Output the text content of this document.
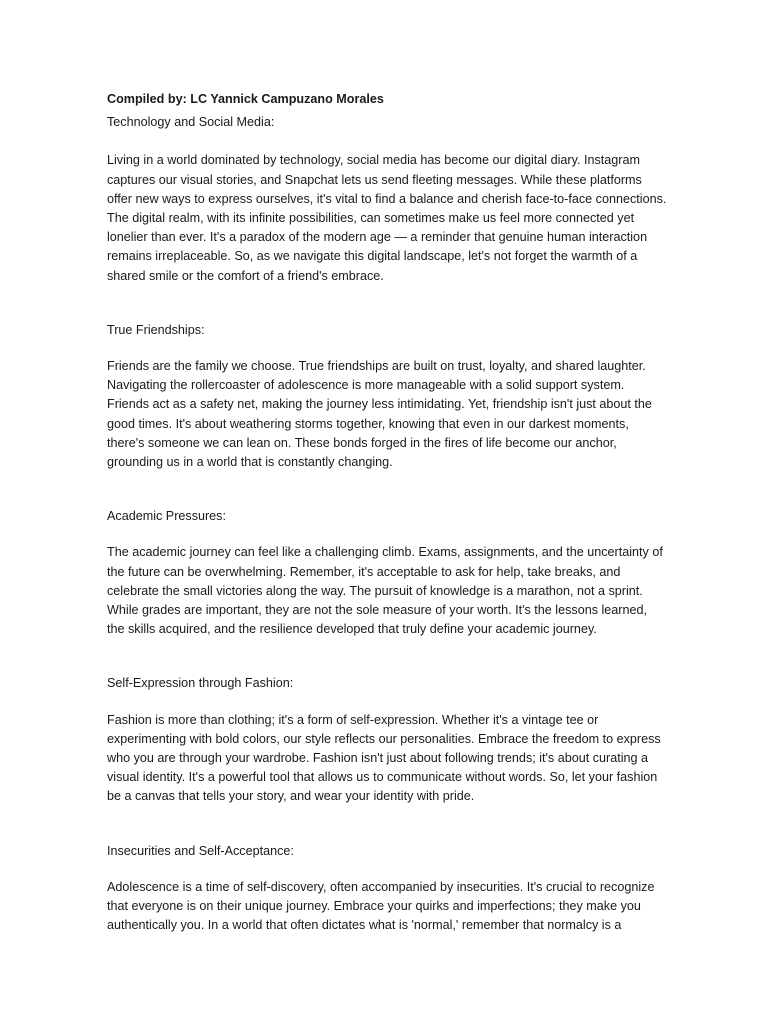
Compiled by: LC Yannick Campuzano Morales

Technology and Social Media:

Living in a world dominated by technology, social media has become our digital diary. Instagram captures our visual stories, and Snapchat lets us send fleeting messages. While these platforms offer new ways to express ourselves, it's vital to find a balance and cherish face-to-face connections. The digital realm, with its infinite possibilities, can sometimes make us feel more connected yet lonelier than ever. It's a paradox of the modern age — a reminder that genuine human interaction remains irreplaceable. So, as we navigate this digital landscape, let's not forget the warmth of a shared smile or the comfort of a friend's embrace.

True Friendships:

Friends are the family we choose. True friendships are built on trust, loyalty, and shared laughter. Navigating the rollercoaster of adolescence is more manageable with a solid support system. Friends act as a safety net, making the journey less intimidating. Yet, friendship isn't just about the good times. It's about weathering storms together, knowing that even in our darkest moments, there's someone we can lean on. These bonds forged in the fires of life become our anchor, grounding us in a world that is constantly changing.

Academic Pressures:

The academic journey can feel like a challenging climb. Exams, assignments, and the uncertainty of the future can be overwhelming. Remember, it's acceptable to ask for help, take breaks, and celebrate the small victories along the way. The pursuit of knowledge is a marathon, not a sprint. While grades are important, they are not the sole measure of your worth. It's the lessons learned, the skills acquired, and the resilience developed that truly define your academic journey.

Self-Expression through Fashion:

Fashion is more than clothing; it's a form of self-expression. Whether it's a vintage tee or experimenting with bold colors, our style reflects our personalities. Embrace the freedom to express who you are through your wardrobe. Fashion isn't just about following trends; it's about curating a visual identity. It's a powerful tool that allows us to communicate without words. So, let your fashion be a canvas that tells your story, and wear your identity with pride.

Insecurities and Self-Acceptance:

Adolescence is a time of self-discovery, often accompanied by insecurities. It's crucial to recognize that everyone is on their unique journey. Embrace your quirks and imperfections; they make you authentically you. In a world that often dictates what is 'normal,' remember that normalcy is a
